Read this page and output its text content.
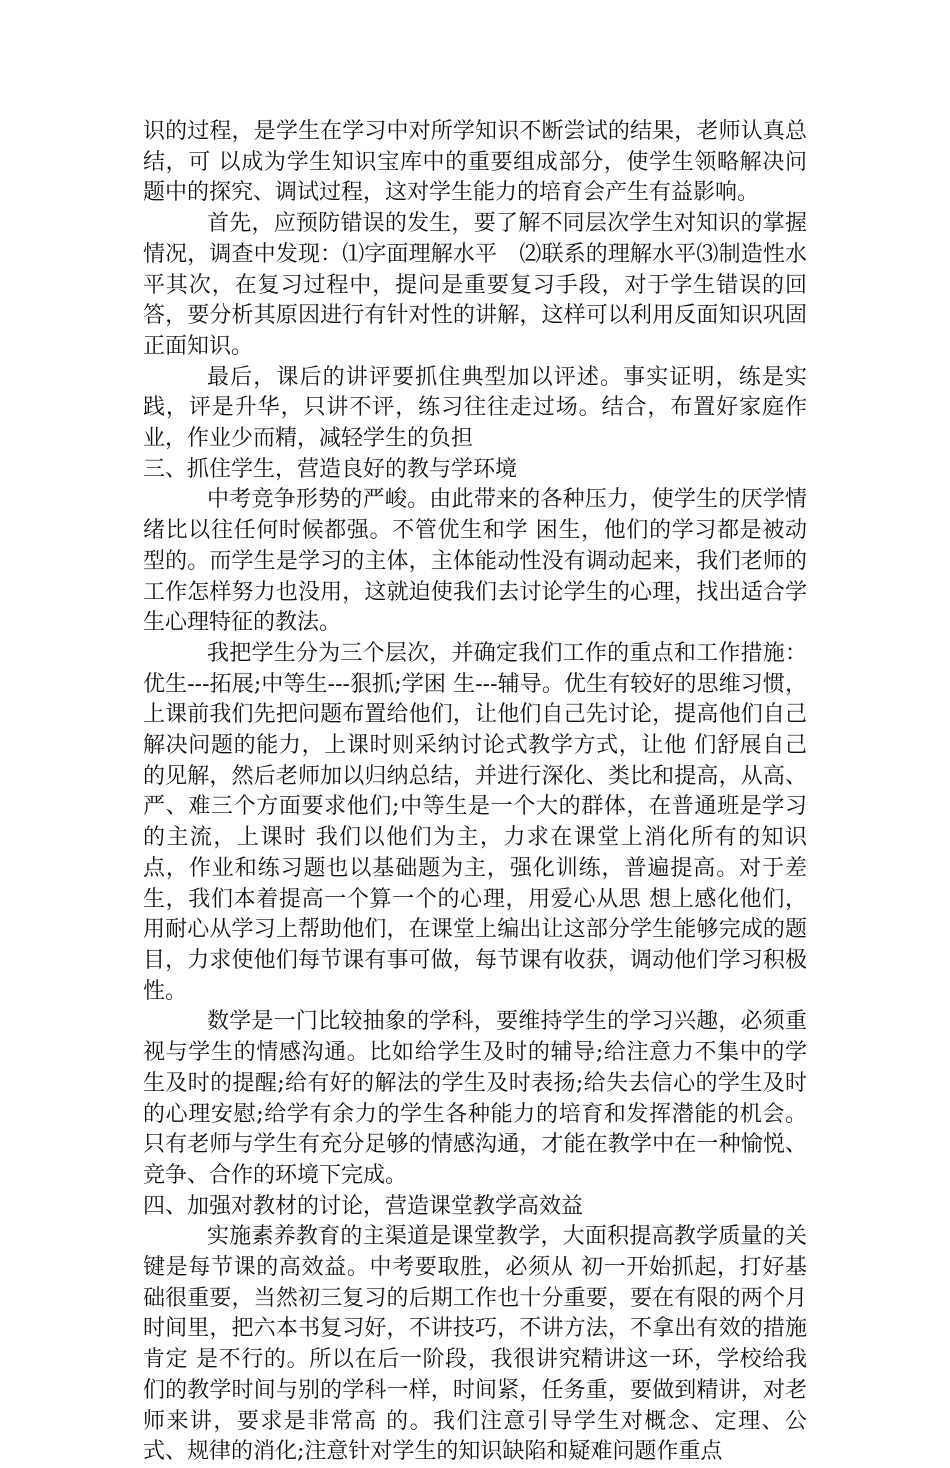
识的过程，是学生在学习中对所学知识不断尝试的结果，老师认真总结，可 以成为学生知识宝库中的重要组成部分，使学生领略解决问题中的探究、调试过程，这对学生能力的培育会产生有益影响。

首先，应预防错误的发生，要了解不同层次学生对知识的掌握情况，调查中发现：⑴字面理解水平　⑵联系的理解水平⑶制造性水平其次，在复习过程中，提问是重要复习手段，对于学生错误的回答，要分析其原因进行有针对性的讲解，这样可以利用反面知识巩固正面知识。

最后，课后的讲评要抓住典型加以评述。事实证明，练是实践，评是升华，只讲不评，练习往往走过场。结合，布置好家庭作业，作业少而精，减轻学生的负担

三、抓住学生，营造良好的教与学环境

中考竞争形势的严峻。由此带来的各种压力，使学生的厌学情绪比以往任何时候都强。不管优生和学 困生，他们的学习都是被动型的。而学生是学习的主体，主体能动性没有调动起来，我们老师的工作怎样努力也没用，这就迫使我们去讨论学生的心理，找出适合学 生心理特征的教法。

我把学生分为三个层次，并确定我们工作的重点和工作措施：优生---拓展;中等生---狠抓;学困 生---辅导。优生有较好的思维习惯，上课前我们先把问题布置给他们，让他们自己先讨论，提高他们自己解决问题的能力，上课时则采纳讨论式教学方式，让他 们舒展自己的见解，然后老师加以归纳总结，并进行深化、类比和提高，从高、严、难三个方面要求他们;中等生是一个大的群体，在普通班是学习的主流，上课时 我们以他们为主，力求在课堂上消化所有的知识点，作业和练习题也以基础题为主，强化训练，普遍提高。对于差生，我们本着提高一个算一个的心理，用爱心从思 想上感化他们，用耐心从学习上帮助他们，在课堂上编出让这部分学生能够完成的题目，力求使他们每节课有事可做，每节课有收获，调动他们学习积极性。

数学是一门比较抽象的学科，要维持学生的学习兴趣，必须重视与学生的情感沟通。比如给学生及时的辅导;给注意力不集中的学生及时的提醒;给有好的解法的学生及时表扬;给失去信心的学生及时的心理安慰;给学有余力的学生各种能力的培育和发挥潜能的机会。只有老师与学生有充分足够的情感沟通，才能在教学中在一种愉悦、竞争、合作的环境下完成。

四、加强对教材的讨论，营造课堂教学高效益

实施素养教育的主渠道是课堂教学，大面积提高教学质量的关键是每节课的高效益。中考要取胜，必须从 初一开始抓起，打好基础很重要，当然初三复习的后期工作也十分重要，要在有限的两个月时间里，把六本书复习好，不讲技巧，不讲方法，不拿出有效的措施肯定 是不行的。所以在后一阶段，我很讲究精讲这一环，学校给我们的教学时间与别的学科一样，时间紧，任务重，要做到精讲，对老师来讲，要求是非常高 的。我们注意引导学生对概念、定理、公式、规律的消化;注意针对学生的知识缺陷和疑难问题作重点
